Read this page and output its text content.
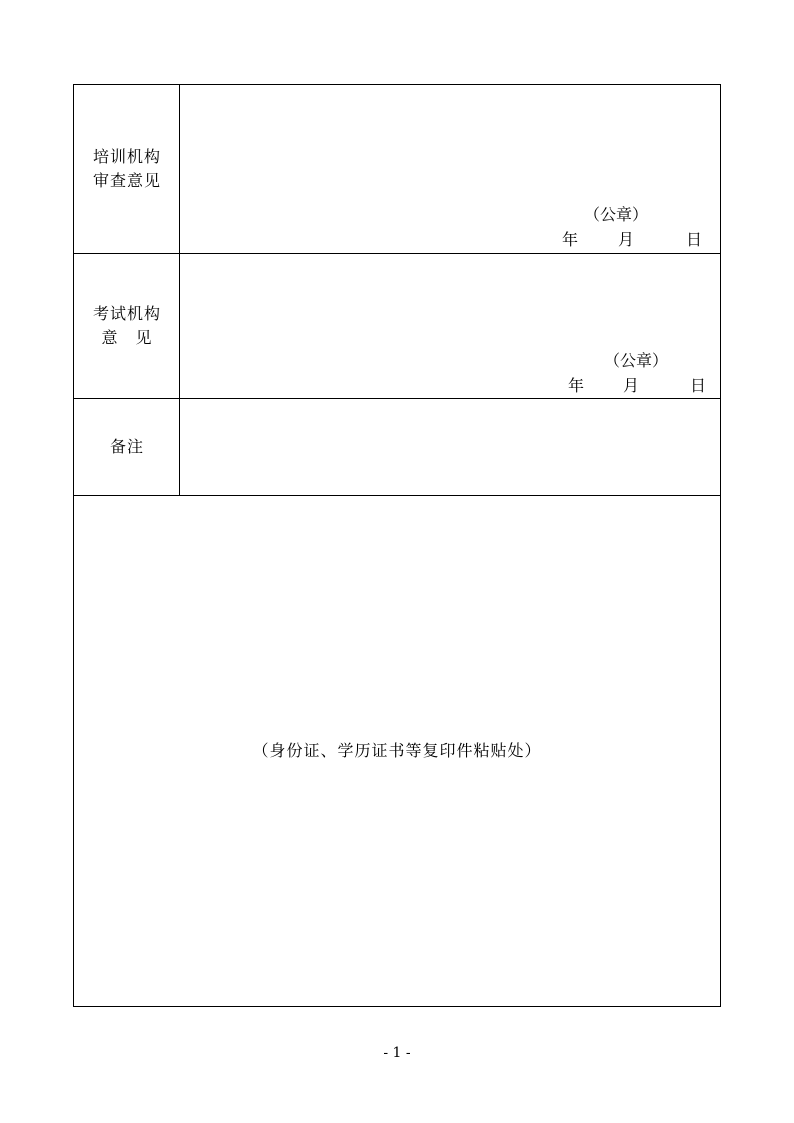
培训机构
审查意见
（公章）
年 月	日
考试机构
意　见
（公章）
年 月	日
备注
（身份证、学历证书等复印件粘贴处）
- 1 -
